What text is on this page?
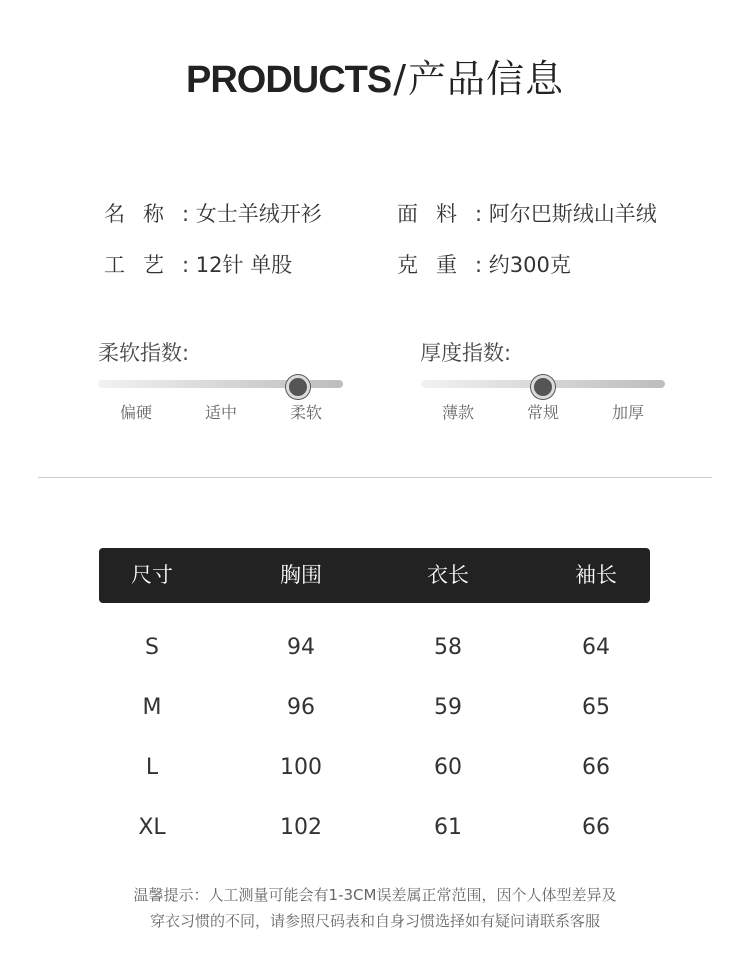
PRODUCTS/产品信息
名称: 女士羊绒开衫	面料: 阿尔巴斯绒山羊绒
工艺: 12针 单股	克重: 约300克
柔软指数:
偏硬	适中	柔软
厚度指数:
薄款	常规	加厚
尺寸	胸围	衣长	袖长
S	94	58	64
M	96	59	65
L	100	60	66
XL	102	61	66
温馨提示：人工测量可能会有1-3CM误差属正常范围，因个人体型差异及
穿衣习惯的不同，请参照尺码表和自身习惯选择如有疑问请联系客服
